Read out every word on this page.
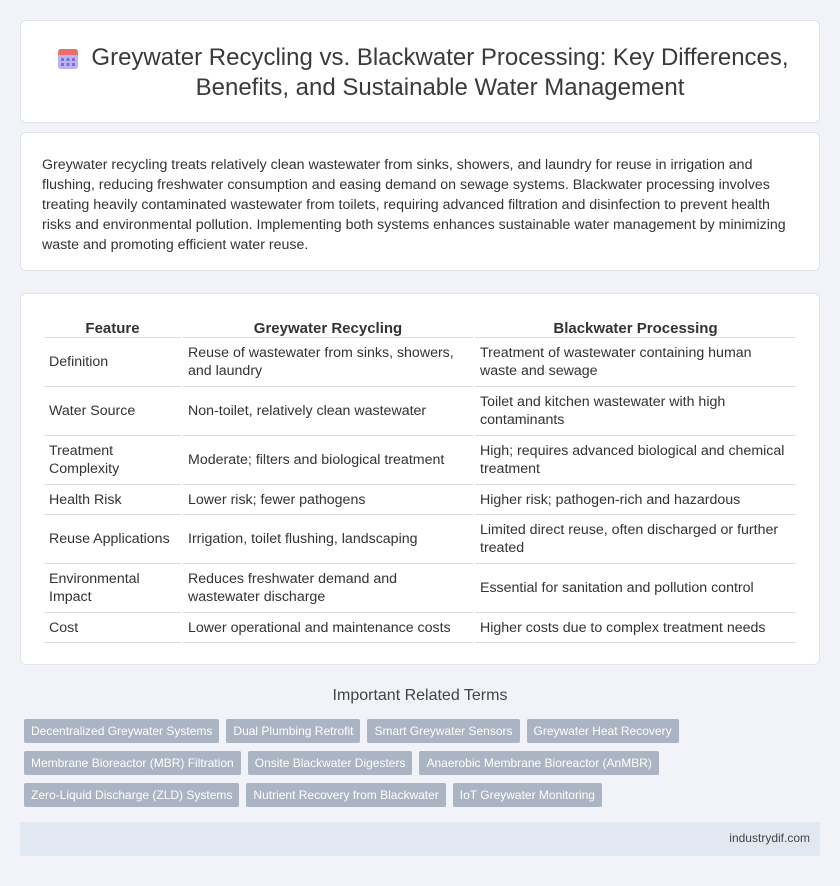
Greywater Recycling vs. Blackwater Processing: Key Differences, Benefits, and Sustainable Water Management

Greywater recycling treats relatively clean wastewater from sinks, showers, and laundry for reuse in irrigation and flushing, reducing freshwater consumption and easing demand on sewage systems. Blackwater processing involves treating heavily contaminated wastewater from toilets, requiring advanced filtration and disinfection to prevent health risks and environmental pollution. Implementing both systems enhances sustainable water management by minimizing waste and promoting efficient water reuse.

Feature	Greywater Recycling	Blackwater Processing
Definition	Reuse of wastewater from sinks, showers, and laundry	Treatment of wastewater containing human waste and sewage
Water Source	Non-toilet, relatively clean wastewater	Toilet and kitchen wastewater with high contaminants
Treatment Complexity	Moderate; filters and biological treatment	High; requires advanced biological and chemical treatment
Health Risk	Lower risk; fewer pathogens	Higher risk; pathogen-rich and hazardous
Reuse Applications	Irrigation, toilet flushing, landscaping	Limited direct reuse, often discharged or further treated
Environmental Impact	Reduces freshwater demand and wastewater discharge	Essential for sanitation and pollution control
Cost	Lower operational and maintenance costs	Higher costs due to complex treatment needs
Important Related Terms
Decentralized Greywater Systems	Dual Plumbing Retrofit	Smart Greywater Sensors	Greywater Heat Recovery
Membrane Bioreactor (MBR) Filtration	Onsite Blackwater Digesters	Anaerobic Membrane Bioreactor (AnMBR)
Zero-Liquid Discharge (ZLD) Systems	Nutrient Recovery from Blackwater	IoT Greywater Monitoring
industrydif.com
